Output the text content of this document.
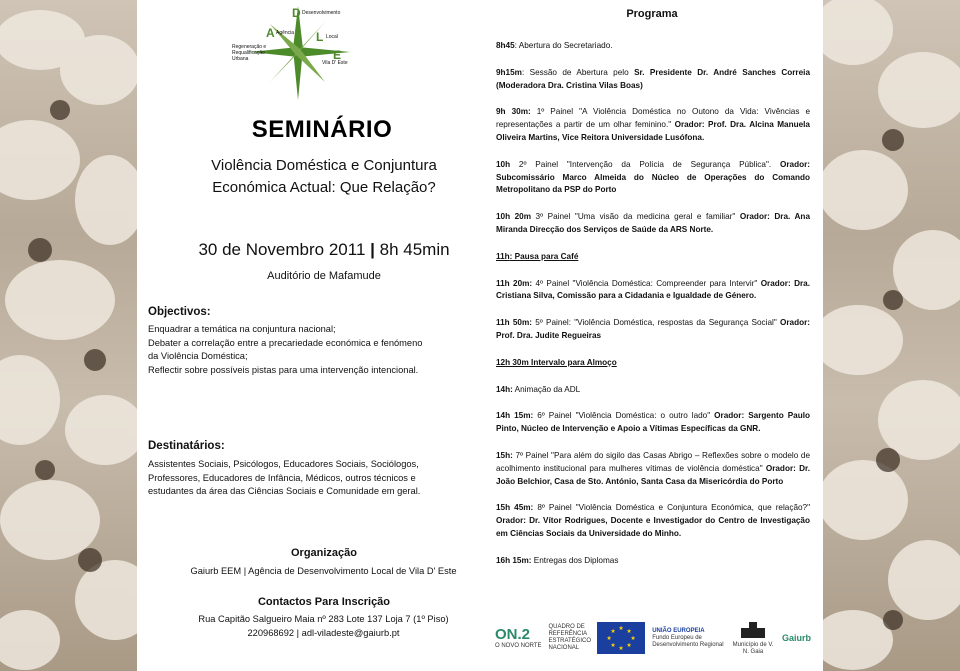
D Desenvolvimento
A Agência
Regeneração e
Requalificação
Urbana
L Local
E
Vila D' Este
SEMINÁRIO
Violência Doméstica e Conjuntura
Económica Actual: Que Relação?
30 de Novembro 2011 | 8h 45min
Auditório de Mafamude
Objectivos:

Enquadrar a temática na conjuntura nacional;

Debater a correlação entre a precariedade económica e fenómeno

da Violência Doméstica;

Reflectir sobre possíveis pistas para uma intervenção intencional.

Destinatários:

Assistentes Sociais, Psicólogos, Educadores Sociais, Sociólogos,

Professores, Educadores de Infância, Médicos, outros técnicos e

estudantes da área das Ciências Sociais e Comunidade em geral.

Organização
Gaiurb EEM | Agência de Desenvolvimento Local de Vila D' Este
Contactos Para Inscrição
Rua Capitão Salgueiro Maia nº 283 Lote 137 Loja 7 (1º Piso)
220968692 | adl-viladeste@gaiurb.pt
Programa

8h45: Abertura do Secretariado.

9h15m: Sessão de Abertura pelo Sr. Presidente Dr. André Sanches Correia (Moderadora Dra. Cristina Vilas Boas)

9h 30m: 1º Painel "A Violência Doméstica no Outono da Vida: Vivências e representações a partir de um olhar feminino." Orador: Prof. Dra. Alcina Manuela Oliveira Martins, Vice Reitora Universidade Lusófona.

10h 2º Painel "Intervenção da Polícia de Segurança Pública". Orador: Subcomissário Marco Almeida do Núcleo de Operações do Comando Metropolitano da PSP do Porto

10h 20m 3º Painel "Uma visão da medicina geral e familiar" Orador: Dra. Ana Miranda Direcção dos Serviços de Saúde da ARS Norte.

11h: Pausa para Café

11h 20m: 4º Painel "Violência Doméstica: Compreender para Intervir" Orador: Dra. Cristiana Silva, Comissão para a Cidadania e Igualdade de Género.

11h 50m: 5º Painel: "Violência Doméstica, respostas da Segurança Social" Orador: Prof. Dra. Judite Regueiras

12h 30m Intervalo para Almoço

14h: Animação da ADL

14h 15m: 6º Painel "Violência Doméstica: o outro lado" Orador: Sargento Paulo Pinto, Núcleo de Intervenção e Apoio a Vítimas Específicas da GNR.

15h: 7º Painel "Para além do sigilo das Casas Abrigo – Reflexões sobre o modelo de acolhimento institucional para mulheres vítimas de violência doméstica" Orador: Dr. João Belchior, Casa de Sto. António, Santa Casa da Misericórdia do Porto

15h 45m: 8º Painel "Violência Doméstica e Conjuntura Económica, que relação?" Orador: Dr. Vítor Rodrigues, Docente e Investigador do Centro de Investigação em Ciências Sociais da Universidade do Minho.

16h 15m: Entregas dos Diplomas

ON.2
O NOVO NORTE
QUADRO DE REFERÊNCIA ESTRATÉGICO NACIONAL
★ ★
★
★
★
★
★
★	UNIÃO EUROPEIA
Fundo Europeu de Desenvolvimento Regional Município de V. N. Gaia
Gaiurb
